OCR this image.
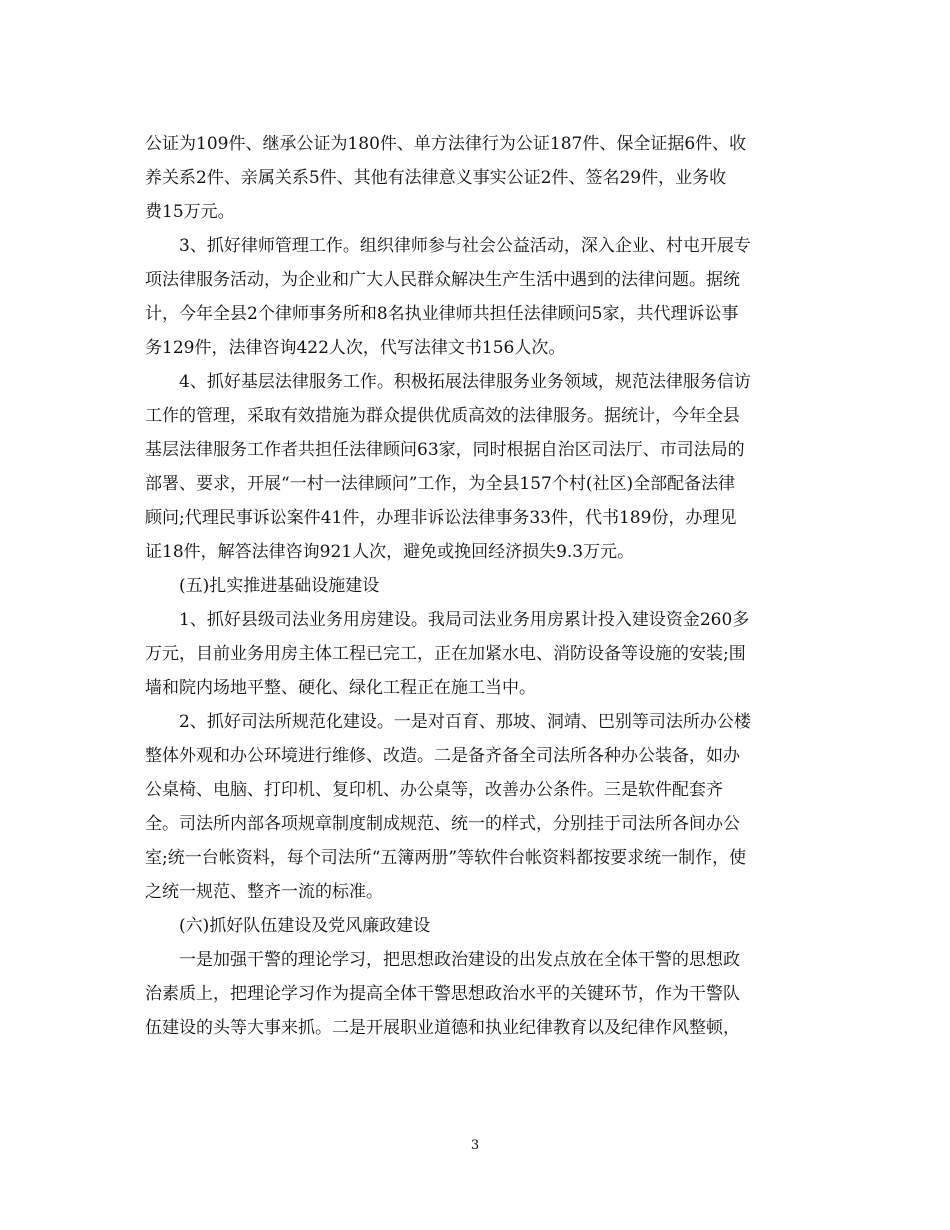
公证为109件、继承公证为180件、单方法律行为公证187件、保全证据6件、收
养关系2件、亲属关系5件、其他有法律意义事实公证2件、签名29件，业务收
费15万元。
3、抓好律师管理工作。组织律师参与社会公益活动，深入企业、村屯开展专
项法律服务活动，为企业和广大人民群众解决生产生活中遇到的法律问题。据统
计，今年全县2个律师事务所和8名执业律师共担任法律顾问5家，共代理诉讼事
务129件，法律咨询422人次，代写法律文书156人次。
4、抓好基层法律服务工作。积极拓展法律服务业务领域，规范法律服务信访
工作的管理，采取有效措施为群众提供优质高效的法律服务。据统计，今年全县
基层法律服务工作者共担任法律顾问63家，同时根据自治区司法厅、市司法局的
部署、要求，开展“一村一法律顾问”工作，为全县157个村(社区)全部配备法律
顾问;代理民事诉讼案件41件，办理非诉讼法律事务33件，代书189份，办理见
证18件，解答法律咨询921人次，避免或挽回经济损失9.3万元。
(五)扎实推进基础设施建设
1、抓好县级司法业务用房建设。我局司法业务用房累计投入建设资金260多
万元，目前业务用房主体工程已完工，正在加紧水电、消防设备等设施的安装;围
墙和院内场地平整、硬化、绿化工程正在施工当中。
2、抓好司法所规范化建设。一是对百育、那坡、洞靖、巴别等司法所办公楼
整体外观和办公环境进行维修、改造。二是备齐备全司法所各种办公装备，如办
公桌椅、电脑、打印机、复印机、办公桌等，改善办公条件。三是软件配套齐
全。司法所内部各项规章制度制成规范、统一的样式，分别挂于司法所各间办公
室;统一台帐资料，每个司法所“五簿两册”等软件台帐资料都按要求统一制作，使
之统一规范、整齐一流的标准。
(六)抓好队伍建设及党风廉政建设
一是加强干警的理论学习，把思想政治建设的出发点放在全体干警的思想政
治素质上，把理论学习作为提高全体干警思想政治水平的关键环节，作为干警队
伍建设的头等大事来抓。二是开展职业道德和执业纪律教育以及纪律作风整顿，
3
